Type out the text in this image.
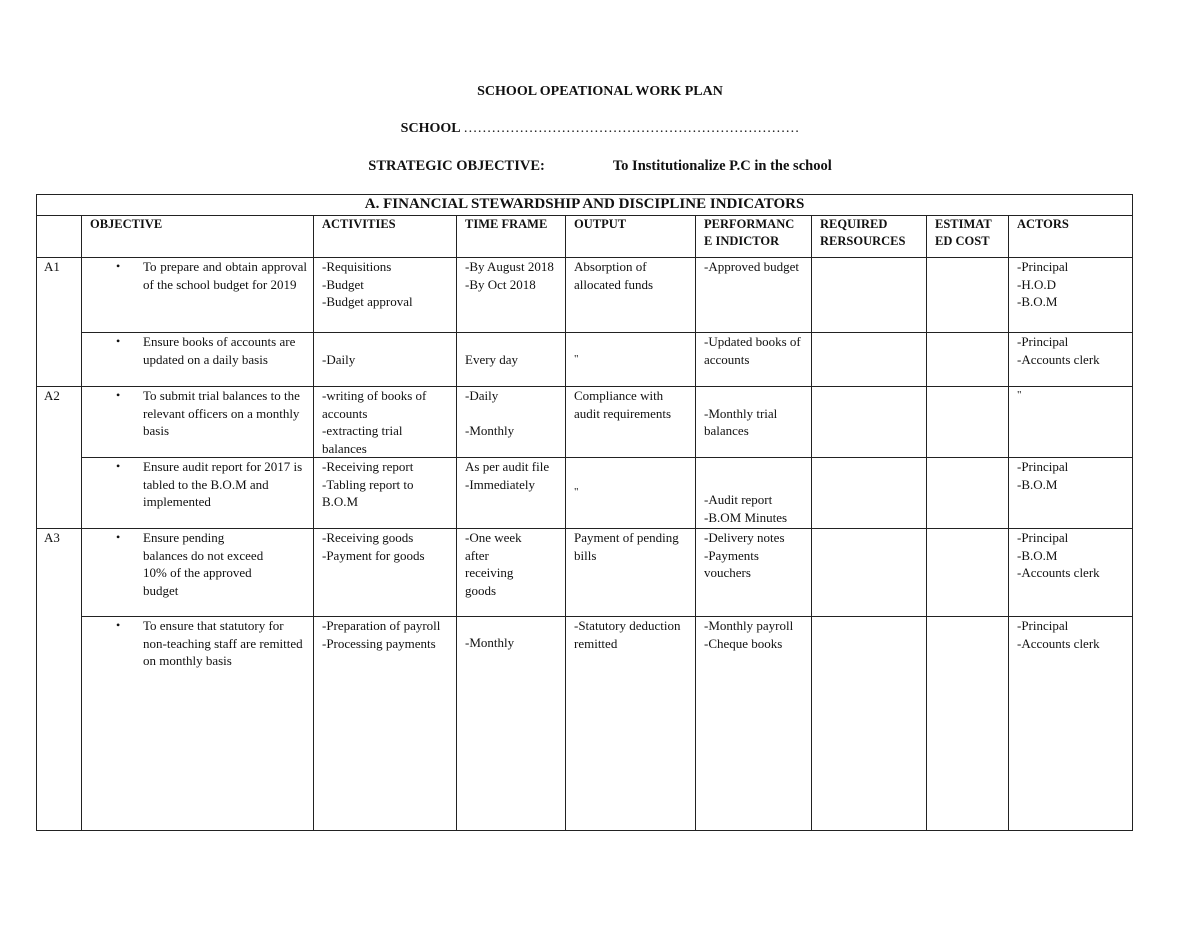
SCHOOL OPEATIONAL WORK PLAN
SCHOOL ………………………………………………………………
STRATEGIC OBJECTIVE:	To Institutionalize P.C in the school
A. FINANCIAL STEWARDSHIP AND DISCIPLINE INDICATORS								
	OBJECTIVE	ACTIVITIES	TIME FRAME	OUTPUT	PERFORMANC E INDICTOR	REQUIRED RERSOURCES	ESTIMAT ED COST	ACTORS
A1	• To prepare and obtain approval of the school budget for 2019	-Requisitions
-Budget
-Budget approval	-By August 2018
-By Oct 2018	Absorption of allocated funds	-Approved budget			-Principal
-H.O.D
-B.O.M

	• Ensure books of accounts are updated on a daily basis	-Daily	Every day	"	-Updated books of accounts			-Principal
-Accounts clerk

A2	• To submit trial balances to the relevant officers on a monthly basis	-writing of books of accounts
-extracting trial balances	-Daily

-Monthly	Compliance with audit requirements	-Monthly trial balances			"

	• Ensure audit report for 2017 is tabled to the B.O.M and implemented	-Receiving report
-Tabling report to B.O.M	As per audit file
-Immediately	"	-Audit report
-B.OM Minutes			-Principal
-B.O.M

A3	• Ensure pending balances do not exceed 10% of the approved budget	-Receiving goods
-Payment for goods	-One week after receiving goods	Payment of pending bills	-Delivery notes
-Payments vouchers			-Principal
-B.O.M
-Accounts clerk

	• To ensure that statutory for non-teaching staff are remitted on monthly basis	-Preparation of payroll
-Processing payments	-Monthly	-Statutory deduction remitted	-Monthly payroll
-Cheque books			-Principal
-Accounts clerk
